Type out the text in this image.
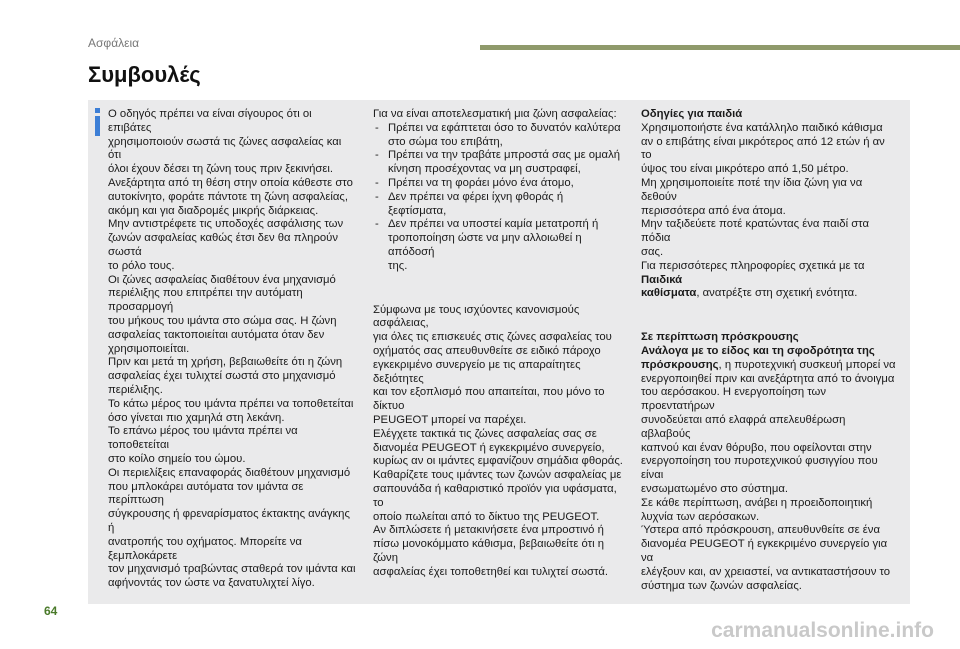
Ασφάλεια
Συμβουλές

Ο οδηγός πρέπει να είναι σίγουρος ότι οι επιβάτες
χρησιμοποιούν σωστά τις ζώνες ασφαλείας και ότι
όλοι έχουν δέσει τη ζώνη τους πριν ξεκινήσει.
Ανεξάρτητα από τη θέση στην οποία κάθεστε στο
αυτοκίνητο, φοράτε πάντοτε τη ζώνη ασφαλείας,
ακόμη και για διαδρομές μικρής διάρκειας.
Μην αντιστρέφετε τις υποδοχές ασφάλισης των
ζωνών ασφαλείας καθώς έτσι δεν θα πληρούν σωστά
το ρόλο τους.
Οι ζώνες ασφαλείας διαθέτουν ένα μηχανισμό
περιέλιξης που επιτρέπει την αυτόματη προσαρμογή
του μήκους του ιμάντα στο σώμα σας. Η ζώνη
ασφαλείας τακτοποιείται αυτόματα όταν δεν
χρησιμοποιείται.
Πριν και μετά τη χρήση, βεβαιωθείτε ότι η ζώνη
ασφαλείας έχει τυλιχτεί σωστά στο μηχανισμό
περιέλιξης.
Το κάτω μέρος του ιμάντα πρέπει να τοποθετείται
όσο γίνεται πιο χαμηλά στη λεκάνη.
Το επάνω μέρος του ιμάντα πρέπει να τοποθετείται
στο κοίλο σημείο του ώμου.
Οι περιελίξεις επαναφοράς διαθέτουν μηχανισμό
που μπλοκάρει αυτόματα τον ιμάντα σε περίπτωση
σύγκρουσης ή φρεναρίσματος έκτακτης ανάγκης ή
ανατροπής του οχήματος. Μπορείτε να ξεμπλοκάρετε
τον μηχανισμό τραβώντας σταθερά τον ιμάντα και
αφήνοντάς τον ώστε να ξανατυλιχτεί λίγο.

Για να είναι αποτελεσματική μια ζώνη ασφαλείας:

- Πρέπει να εφάπτεται όσο το δυνατόν καλύτερα
στο σώμα του επιβάτη,

- Πρέπει να την τραβάτε μπροστά σας με ομαλή
κίνηση προσέχοντας να μη συστραφεί,

- Πρέπει να τη φοράει μόνο ένα άτομο,

- Δεν πρέπει να φέρει ίχνη φθοράς ή ξεφτίσματα,

- Δεν πρέπει να υποστεί καμία μετατροπή ή
τροποποίηση ώστε να μην αλλοιωθεί η απόδοσή
της.

Σύμφωνα με τους ισχύοντες κανονισμούς ασφάλειας,
για όλες τις επισκευές στις ζώνες ασφαλείας του
οχήματός σας απευθυνθείτε σε ειδικό πάροχο
εγκεκριμένο συνεργείο με τις απαραίτητες δεξιότητες
και τον εξοπλισμό που απαιτείται, που μόνο το δίκτυο
PEUGEOT μπορεί να παρέχει.
Ελέγχετε τακτικά τις ζώνες ασφαλείας σας σε
διανομέα PEUGEOT ή εγκεκριμένο συνεργείο,
κυρίως αν οι ιμάντες εμφανίζουν σημάδια φθοράς.
Καθαρίζετε τους ιμάντες των ζωνών ασφαλείας με
σαπουνάδα ή καθαριστικό προϊόν για υφάσματα, το
οποίο πωλείται από το δίκτυο της PEUGEOT.
Αν διπλώσετε ή μετακινήσετε ένα μπροστινό ή
πίσω μονοκόμματο κάθισμα, βεβαιωθείτε ότι η ζώνη
ασφαλείας έχει τοποθετηθεί και τυλιχτεί σωστά.

Οδηγίες για παιδιά

Χρησιμοποιήστε ένα κατάλληλο παιδικό κάθισμα
αν ο επιβάτης είναι μικρότερος από 12 ετών ή αν το
ύψος του είναι μικρότερο από 1,50 μέτρο.
Μη χρησιμοποιείτε ποτέ την ίδια ζώνη για να δεθούν
περισσότερα από ένα άτομα.
Μην ταξιδεύετε ποτέ κρατώντας ένα παιδί στα πόδια
σας.

Για περισσότερες πληροφορίες σχετικά με τα Παιδικά
καθίσματα, ανατρέξτε στη σχετική ενότητα.

Σε περίπτωση πρόσκρουσης

Ανάλογα με το είδος και τη σφοδρότητα της
πρόσκρουσης, η πυροτεχνική συσκευή μπορεί να
ενεργοποιηθεί πριν και ανεξάρτητα από το άνοιγμα
του αερόσακου. Η ενεργοποίηση των προεντατήρων
συνοδεύεται από ελαφρά απελευθέρωση αβλαβούς
καπνού και έναν θόρυβο, που οφείλονται στην
ενεργοποίηση του πυροτεχνικού φυσιγγίου που είναι
ενσωματωμένο στο σύστημα.
Σε κάθε περίπτωση, ανάβει η προειδοποιητική
λυχνία των αερόσακων.
Ύστερα από πρόσκρουση, απευθυνθείτε σε ένα
διανομέα PEUGEOT ή εγκεκριμένο συνεργείο για να
ελέγξουν και, αν χρειαστεί, να αντικαταστήσουν το
σύστημα των ζωνών ασφαλείας.

64
carmanualsonline.info
